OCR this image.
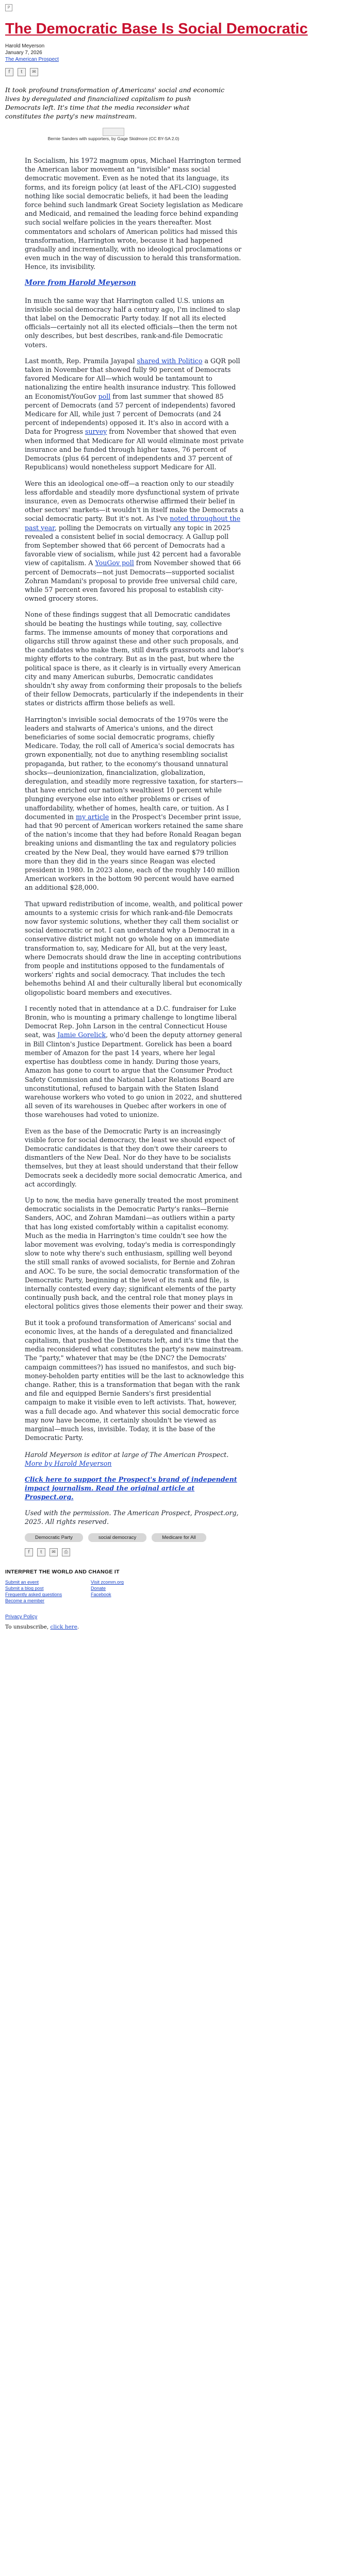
P
The Democratic Base Is Social Democratic
Harold Meyerson
January 7, 2026
The American Prospect
f	t	✉

It took profound transformation of Americans' social and economic lives by deregulated and financialized capitalism to push Democrats left. It's time that the media reconsider what constitutes the party's new mainstream.

Bernie Sanders with supporters, by Gage Skidmore (CC BY-SA 2.0)

In Socialism, his 1972 magnum opus, Michael Harrington termed the American labor movement an "invisible" mass social democratic movement. Even as he noted that its language, its forms, and its foreign policy (at least of the AFL-CIO) suggested nothing like social democratic beliefs, it had been the leading force behind such landmark Great Society legislation as Medicare and Medicaid, and remained the leading force behind expanding such social welfare policies in the years thereafter. Most commentators and scholars of American politics had missed this transformation, Harrington wrote, because it had happened gradually and incrementally, with no ideological proclamations or even much in the way of discussion to herald this transformation. Hence, its invisibility.

More from Harold Meyerson

In much the same way that Harrington called U.S. unions an invisible social democracy half a century ago, I'm inclined to slap that label on the Democratic Party today. If not all its elected officials—certainly not all its elected officials—then the term not only describes, but best describes, rank-and-file Democratic voters.

Last month, Rep. Pramila Jayapal shared with Politico a GQR poll taken in November that showed fully 90 percent of Democrats favored Medicare for All—which would be tantamount to nationalizing the entire health insurance industry. This followed an Economist/YouGov poll from last summer that showed 85 percent of Democrats (and 57 percent of independents) favored Medicare for All, while just 7 percent of Democrats (and 24 percent of independents) opposed it. It's also in accord with a Data for Progress survey from November that showed that even when informed that Medicare for All would eliminate most private insurance and be funded through higher taxes, 76 percent of Democrats (plus 64 percent of independents and 37 percent of Republicans) would nonetheless support Medicare for All.

Were this an ideological one-off—a reaction only to our steadily less affordable and steadily more dysfunctional system of private insurance, even as Democrats otherwise affirmed their belief in other sectors' markets—it wouldn't in itself make the Democrats a social democratic party. But it's not. As I've noted throughout the past year, polling the Democrats on virtually any topic in 2025 revealed a consistent belief in social democracy. A Gallup poll from September showed that 66 percent of Democrats had a favorable view of socialism, while just 42 percent had a favorable view of capitalism. A YouGov poll from November showed that 66 percent of Democrats—not just Democrats—supported socialist Zohran Mamdani's proposal to provide free universal child care, while 57 percent even favored his proposal to establish city-owned grocery stores.

None of these findings suggest that all Democratic candidates should be beating the hustings while touting, say, collective farms. The immense amounts of money that corporations and oligarchs still throw against these and other such proposals, and the candidates who make them, still dwarfs grassroots and labor's mighty efforts to the contrary. But as in the past, but where the political space is there, as it clearly is in virtually every American city and many American suburbs, Democratic candidates shouldn't shy away from conforming their proposals to the beliefs of their fellow Democrats, particularly if the independents in their states or districts affirm those beliefs as well.

Harrington's invisible social democrats of the 1970s were the leaders and stalwarts of America's unions, and the direct beneficiaries of some social democratic programs, chiefly Medicare. Today, the roll call of America's social democrats has grown exponentially, not due to anything resembling socialist propaganda, but rather, to the economy's thousand unnatural shocks—deunionization, financialization, globalization, deregulation, and steadily more regressive taxation, for starters—that have enriched our nation's wealthiest 10 percent while plunging everyone else into either problems or crises of unaffordability, whether of homes, health care, or tuition. As I documented in my article in the Prospect's December print issue, had that 90 percent of American workers retained the same share of the nation's income that they had before Ronald Reagan began breaking unions and dismantling the tax and regulatory policies created by the New Deal, they would have earned $79 trillion more than they did in the years since Reagan was elected president in 1980. In 2023 alone, each of the roughly 140 million American workers in the bottom 90 percent would have earned an additional $28,000.

That upward redistribution of income, wealth, and political power amounts to a systemic crisis for which rank-and-file Democrats now favor systemic solutions, whether they call them socialist or social democratic or not. I can understand why a Democrat in a conservative district might not go whole hog on an immediate transformation to, say, Medicare for All, but at the very least, where Democrats should draw the line in accepting contributions from people and institutions opposed to the fundamentals of workers' rights and social democracy. That includes the tech behemoths behind AI and their culturally liberal but economically oligopolistic board members and executives.

I recently noted that in attendance at a D.C. fundraiser for Luke Bronin, who is mounting a primary challenge to longtime liberal Democrat Rep. John Larson in the central Connecticut House seat, was Jamie Gorelick, who'd been the deputy attorney general in Bill Clinton's Justice Department. Gorelick has been a board member of Amazon for the past 14 years, where her legal expertise has doubtless come in handy. During those years, Amazon has gone to court to argue that the Consumer Product Safety Commission and the National Labor Relations Board are unconstitutional, refused to bargain with the Staten Island warehouse workers who voted to go union in 2022, and shuttered all seven of its warehouses in Quebec after workers in one of those warehouses had voted to unionize.

Even as the base of the Democratic Party is an increasingly visible force for social democracy, the least we should expect of Democratic candidates is that they don't owe their careers to dismantlers of the New Deal. Nor do they have to be socialists themselves, but they at least should understand that their fellow Democrats seek a decidedly more social democratic America, and act accordingly.

Up to now, the media have generally treated the most prominent democratic socialists in the Democratic Party's ranks—Bernie Sanders, AOC, and Zohran Mamdani—as outliers within a party that has long existed comfortably within a capitalist economy. Much as the media in Harrington's time couldn't see how the labor movement was evolving, today's media is correspondingly slow to note why there's such enthusiasm, spilling well beyond the still small ranks of avowed socialists, for Bernie and Zohran and AOC. To be sure, the social democratic transformation of the Democratic Party, beginning at the level of its rank and file, is internally contested every day; significant elements of the party continually push back, and the central role that money plays in electoral politics gives those elements their power and their sway.

But it took a profound transformation of Americans' social and economic lives, at the hands of a deregulated and financialized capitalism, that pushed the Democrats left, and it's time that the media reconsidered what constitutes the party's new mainstream. The "party," whatever that may be (the DNC? the Democrats' campaign committees?) has issued no manifestos, and such big-money-beholden party entities will be the last to acknowledge this change. Rather, this is a transformation that began with the rank and file and equipped Bernie Sanders's first presidential campaign to make it visible even to left activists. That, however, was a full decade ago. And whatever this social democratic force may now have become, it certainly shouldn't be viewed as marginal—much less, invisible. Today, it is the base of the Democratic Party.

Harold Meyerson is editor at large of The American Prospect. More by Harold Meyerson

Click here to support the Prospect's brand of independent impact journalism. Read the original article at Prospect.org.

Used with the permission. The American Prospect, Prospect.org, 2025. All rights reserved.

Democratic Party	social democracy	Medicare for All
f	t	✉	⎙
INTERPRET THE WORLD AND CHANGE IT
Submit an event
Submit a blog post
Frequently asked questions
Become a member
Visit zcomm.org
Donate
Facebook
Privacy Policy
To unsubscribe, click here.
